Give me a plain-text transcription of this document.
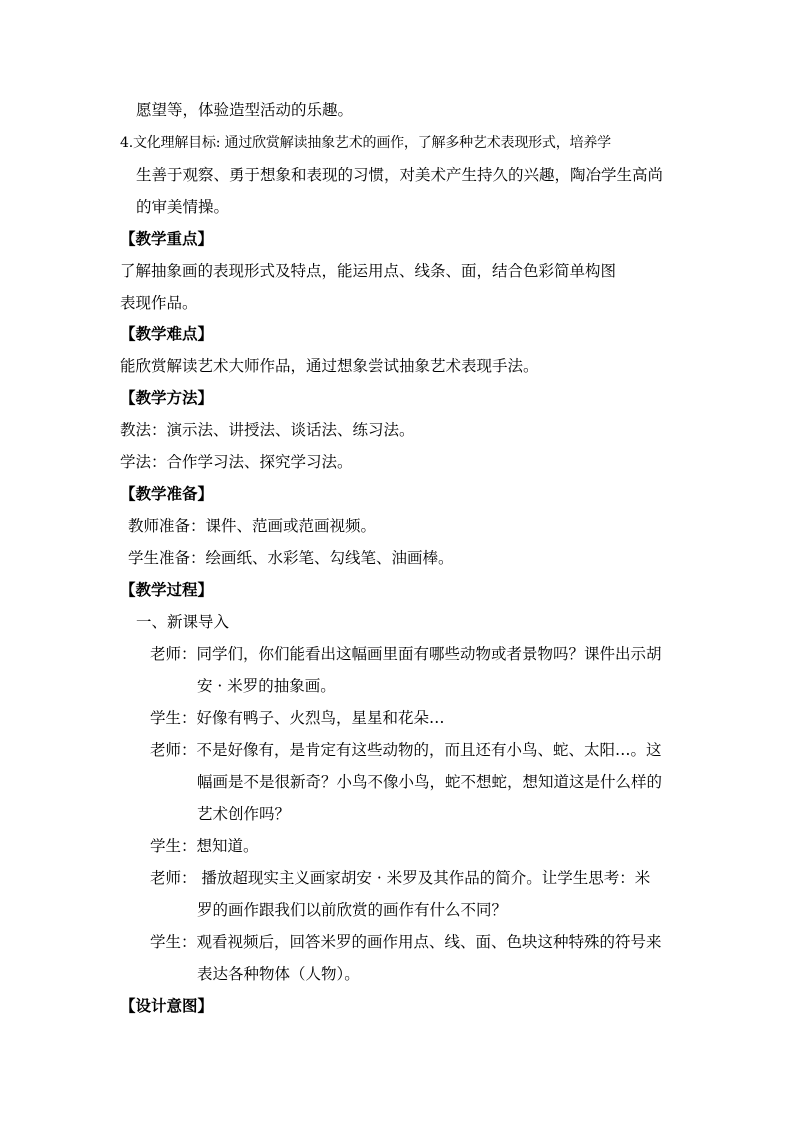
愿望等，体验造型活动的乐趣。
4.文化理解目标: 通过欣赏解读抽象艺术的画作，了解多种艺术表现形式，培养学
生善于观察、勇于想象和表现的习惯，对美术产生持久的兴趣，陶冶学生高尚
的审美情操。
【教学重点】
了解抽象画的表现形式及特点，能运用点、线条、面，结合色彩简单构图
表现作品。
【教学难点】
能欣赏解读艺术大师作品，通过想象尝试抽象艺术表现手法。
【教学方法】
教法：演示法、讲授法、谈话法、练习法。
学法：合作学习法、探究学习法。
【教学准备】
教师准备：课件、范画或范画视频。
学生准备：绘画纸、水彩笔、勾线笔、油画棒。
【教学过程】
一、新课导入
老师：同学们，你们能看出这幅画里面有哪些动物或者景物吗？课件出示胡
安 · 米罗的抽象画。
学生：好像有鸭子、火烈鸟，星星和花朵…
老师：不是好像有，是肯定有这些动物的，而且还有小鸟、蛇、太阳…。这
幅画是不是很新奇？小鸟不像小鸟，蛇不想蛇，想知道这是什么样的
艺术创作吗？
学生：想知道。
老师： 播放超现实主义画家胡安 · 米罗及其作品的简介。让学生思考：米
罗的画作跟我们以前欣赏的画作有什么不同？
学生：观看视频后，回答米罗的画作用点、线、面、色块这种特殊的符号来
表达各种物体（人物）。
【设计意图】
